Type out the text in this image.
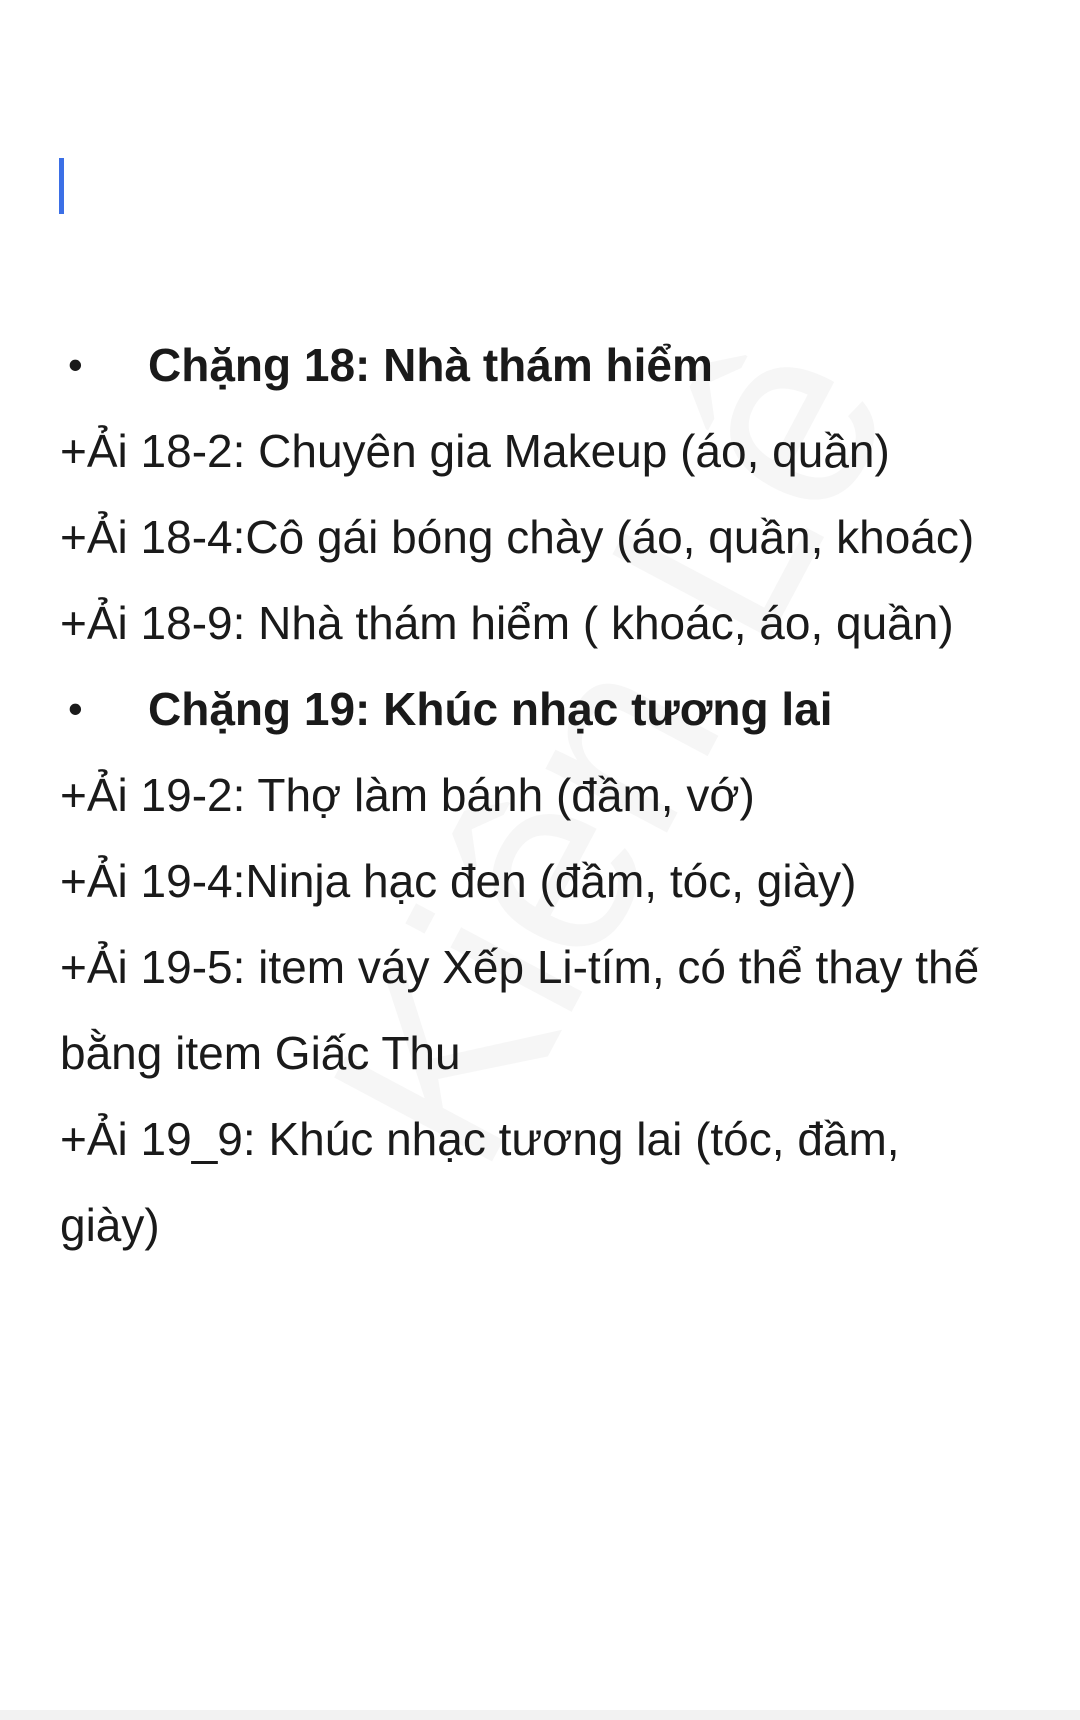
• Chặng 18: Nhà thám hiểm
+Ải 18-2: Chuyên gia Makeup (áo, quần)
+Ải 18-4:Cô gái bóng chày (áo, quần, khoác)
+Ải 18-9: Nhà thám hiểm ( khoác, áo, quần)
• Chặng 19: Khúc nhạc tương lai
+Ải 19-2: Thợ làm bánh (đầm, vớ)
+Ải 19-4:Ninja hạc đen (đầm, tóc, giày)
+Ải 19-5: item váy Xếp Li-tím, có thể thay thế
bằng item Giấc Thu
+Ải 19_9: Khúc nhạc tương lai (tóc, đầm,
giày)
